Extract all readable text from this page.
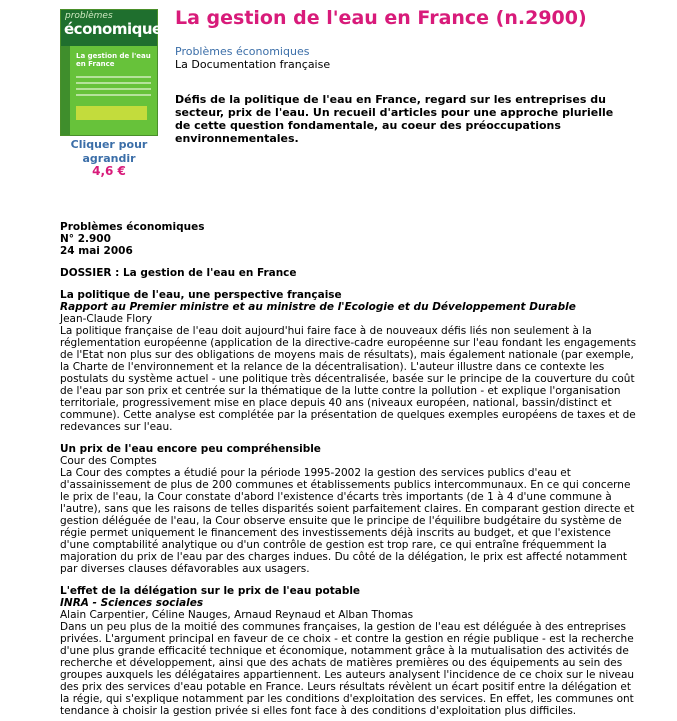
problèmes
économiques
La gestion de l'eau en France
Cliquer pour agrandir
4,6 €
La gestion de l'eau en France (n.2900)
Problèmes économiques
La Documentation française

Défis de la politique de l'eau en France, regard sur les entreprises du secteur, prix de l'eau. Un recueil d'articles pour une approche plurielle de cette question fondamentale, au coeur des préoccupations environnementales.

Problèmes économiques
N° 2.900
24 mai 2006
DOSSIER : La gestion de l'eau en France
La politique de l'eau, une perspective française
Rapport au Premier ministre et au ministre de l'Ecologie et du Développement Durable
Jean-Claude Flory

La politique française de l'eau doit aujourd'hui faire face à de nouveaux défis liés non seulement à la réglementation européenne (application de la directive-cadre européenne sur l'eau fondant les engagements de l'Etat non plus sur des obligations de moyens mais de résultats), mais également nationale (par exemple, la Charte de l'environnement et la relance de la décentralisation). L'auteur illustre dans ce contexte les postulats du système actuel - une politique très décentralisée, basée sur le principe de la couverture du coût de l'eau par son prix et centrée sur la thématique de la lutte contre la pollution - et explique l'organisation territoriale, progressivement mise en place depuis 40 ans (niveaux européen, national, bassin/distinct et commune). Cette analyse est complétée par la présentation de quelques exemples européens de taxes et de redevances sur l'eau.

Un prix de l'eau encore peu compréhensible
Cour des Comptes

La Cour des comptes a étudié pour la période 1995-2002 la gestion des services publics d'eau et d'assainissement de plus de 200 communes et établissements publics intercommunaux. En ce qui concerne le prix de l'eau, la Cour constate d'abord l'existence d'écarts très importants (de 1 à 4 d'une commune à l'autre), sans que les raisons de telles disparités soient parfaitement claires. En comparant gestion directe et gestion déléguée de l'eau, la Cour observe ensuite que le principe de l'équilibre budgétaire du système de régie permet uniquement le financement des investissements déjà inscrits au budget, et que l'existence d'une comptabilité analytique ou d'un contrôle de gestion est trop rare, ce qui entraîne fréquemment la majoration du prix de l'eau par des charges indues. Du côté de la délégation, le prix est affecté notamment par diverses clauses défavorables aux usagers.

L'effet de la délégation sur le prix de l'eau potable
INRA - Sciences sociales
Alain Carpentier, Céline Nauges, Arnaud Reynaud et Alban Thomas

Dans un peu plus de la moitié des communes françaises, la gestion de l'eau est déléguée à des entreprises privées. L'argument principal en faveur de ce choix - et contre la gestion en régie publique - est la recherche d'une plus grande efficacité technique et économique, notamment grâce à la mutualisation des activités de recherche et développement, ainsi que des achats de matières premières ou des équipements au sein des groupes auxquels les délégataires appartiennent. Les auteurs analysent l'incidence de ce choix sur le niveau des prix des services d'eau potable en France. Leurs résultats révèlent un écart positif entre la délégation et la régie, qui s'explique notamment par les conditions d'exploitation des services. En effet, les communes ont tendance à choisir la gestion privée si elles font face à des conditions d'exploitation plus difficiles.
